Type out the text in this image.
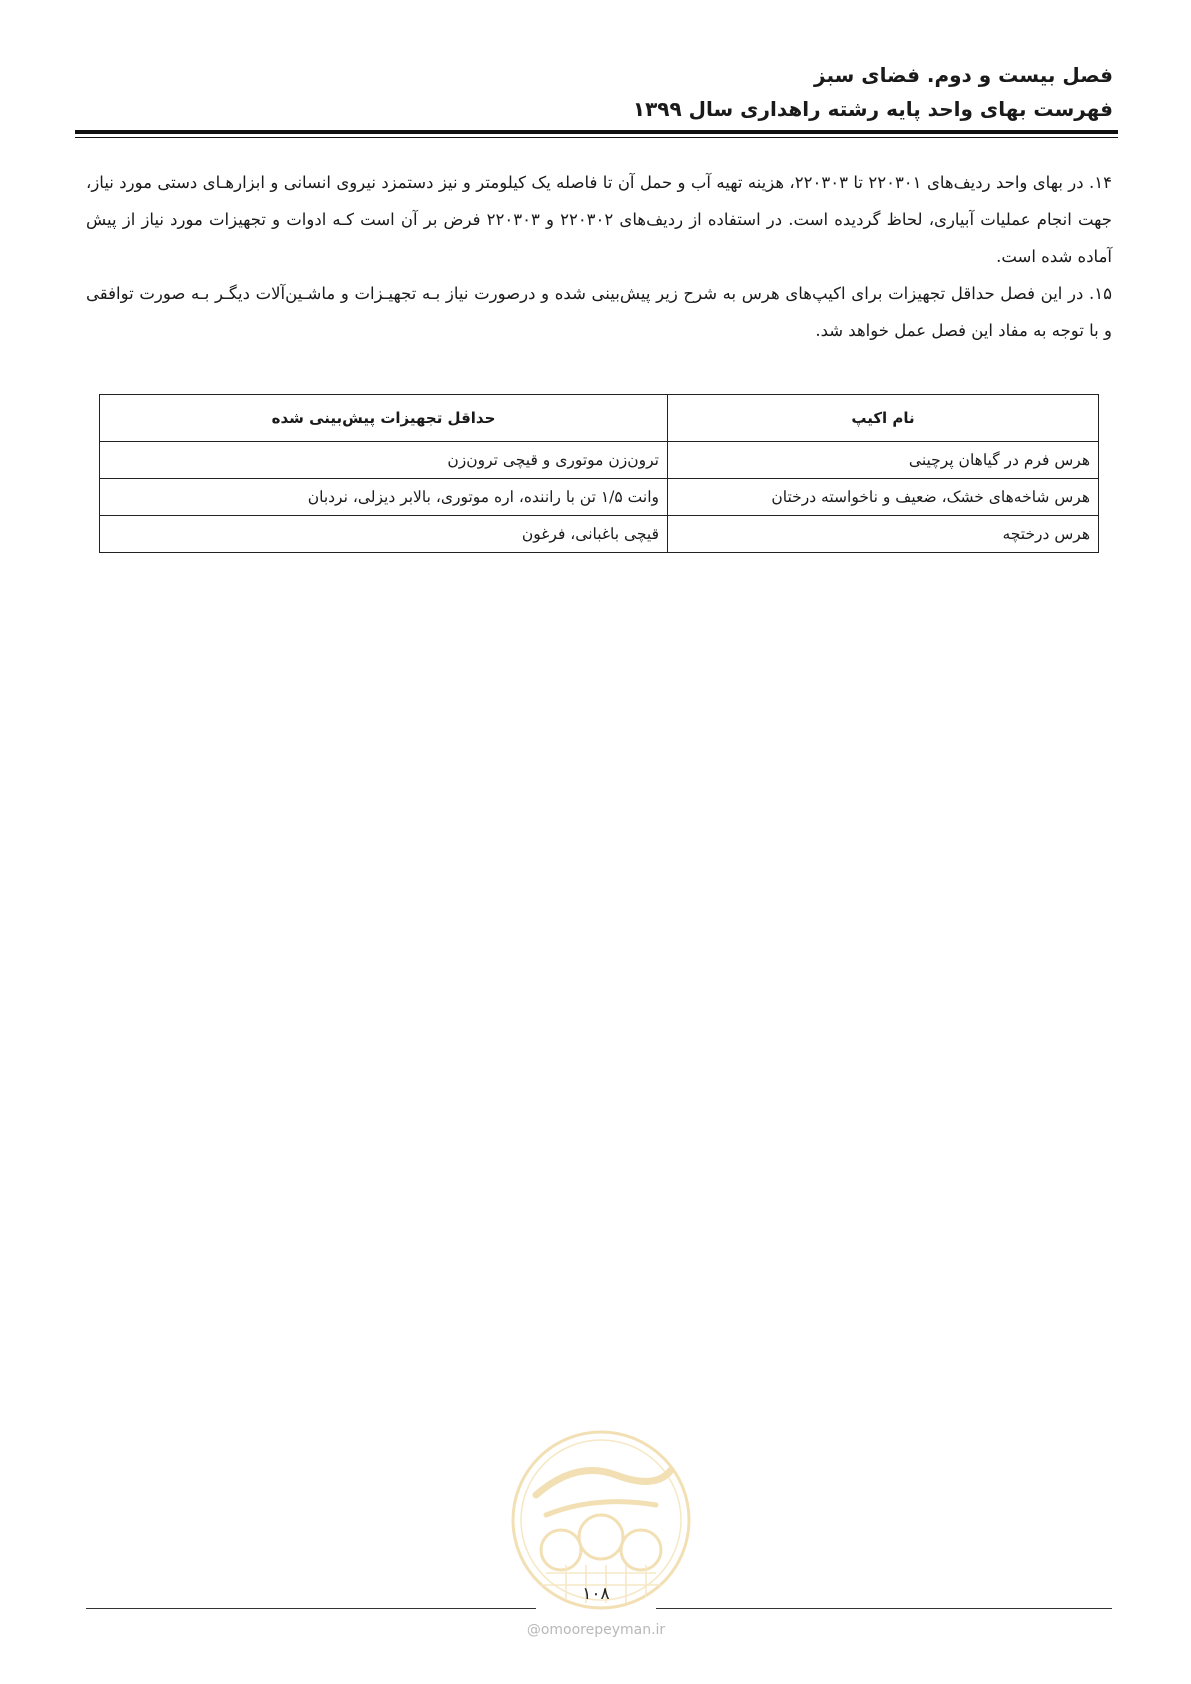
فصل بیست و دوم. فضای سبز
فهرست بهای واحد پایه رشته راهداری سال ۱۳۹۹

۱۴. در بهای واحد ردیف‌های ۲۲۰۳۰۱ تا ۲۲۰۳۰۳، هزینه تهیه آب و حمل آن تا فاصله یک کیلومتر و نیز دستمزد نیروی انسانی و ابزارهـای دستی مورد نیاز، جهت انجام عملیات آبیاری، لحاظ گردیده است. در استفاده از ردیف‌های ۲۲۰۳۰۲ و ۲۲۰۳۰۳ فرض بر آن است کـه ادوات و تجهیزات مورد نیاز از پیش آماده شده است.

۱۵. در این فصل حداقل تجهیزات برای اکیپ‌های هرس به شرح زیر پیش‌بینی شده و درصورت نیاز بـه تجهیـزات و ماشـین‌آلات دیگـر بـه صورت توافقی و با توجه به مفاد این فصل عمل خواهد شد.

نام اکیپ	حداقل تجهیزات پیش‌بینی شده
هرس فرم در گیاهان پرچینی	ترون‌زن موتوری و قیچی ترون‌زن
هرس شاخه‌های خشک، ضعیف و ناخواسته درختان	وانت ۱/۵ تن با راننده، اره موتوری، بالابر دیزلی، نردبان
هرس درختچه	قیچی باغبانی، فرغون
۱۰۸
@omoorepeyman.ir
